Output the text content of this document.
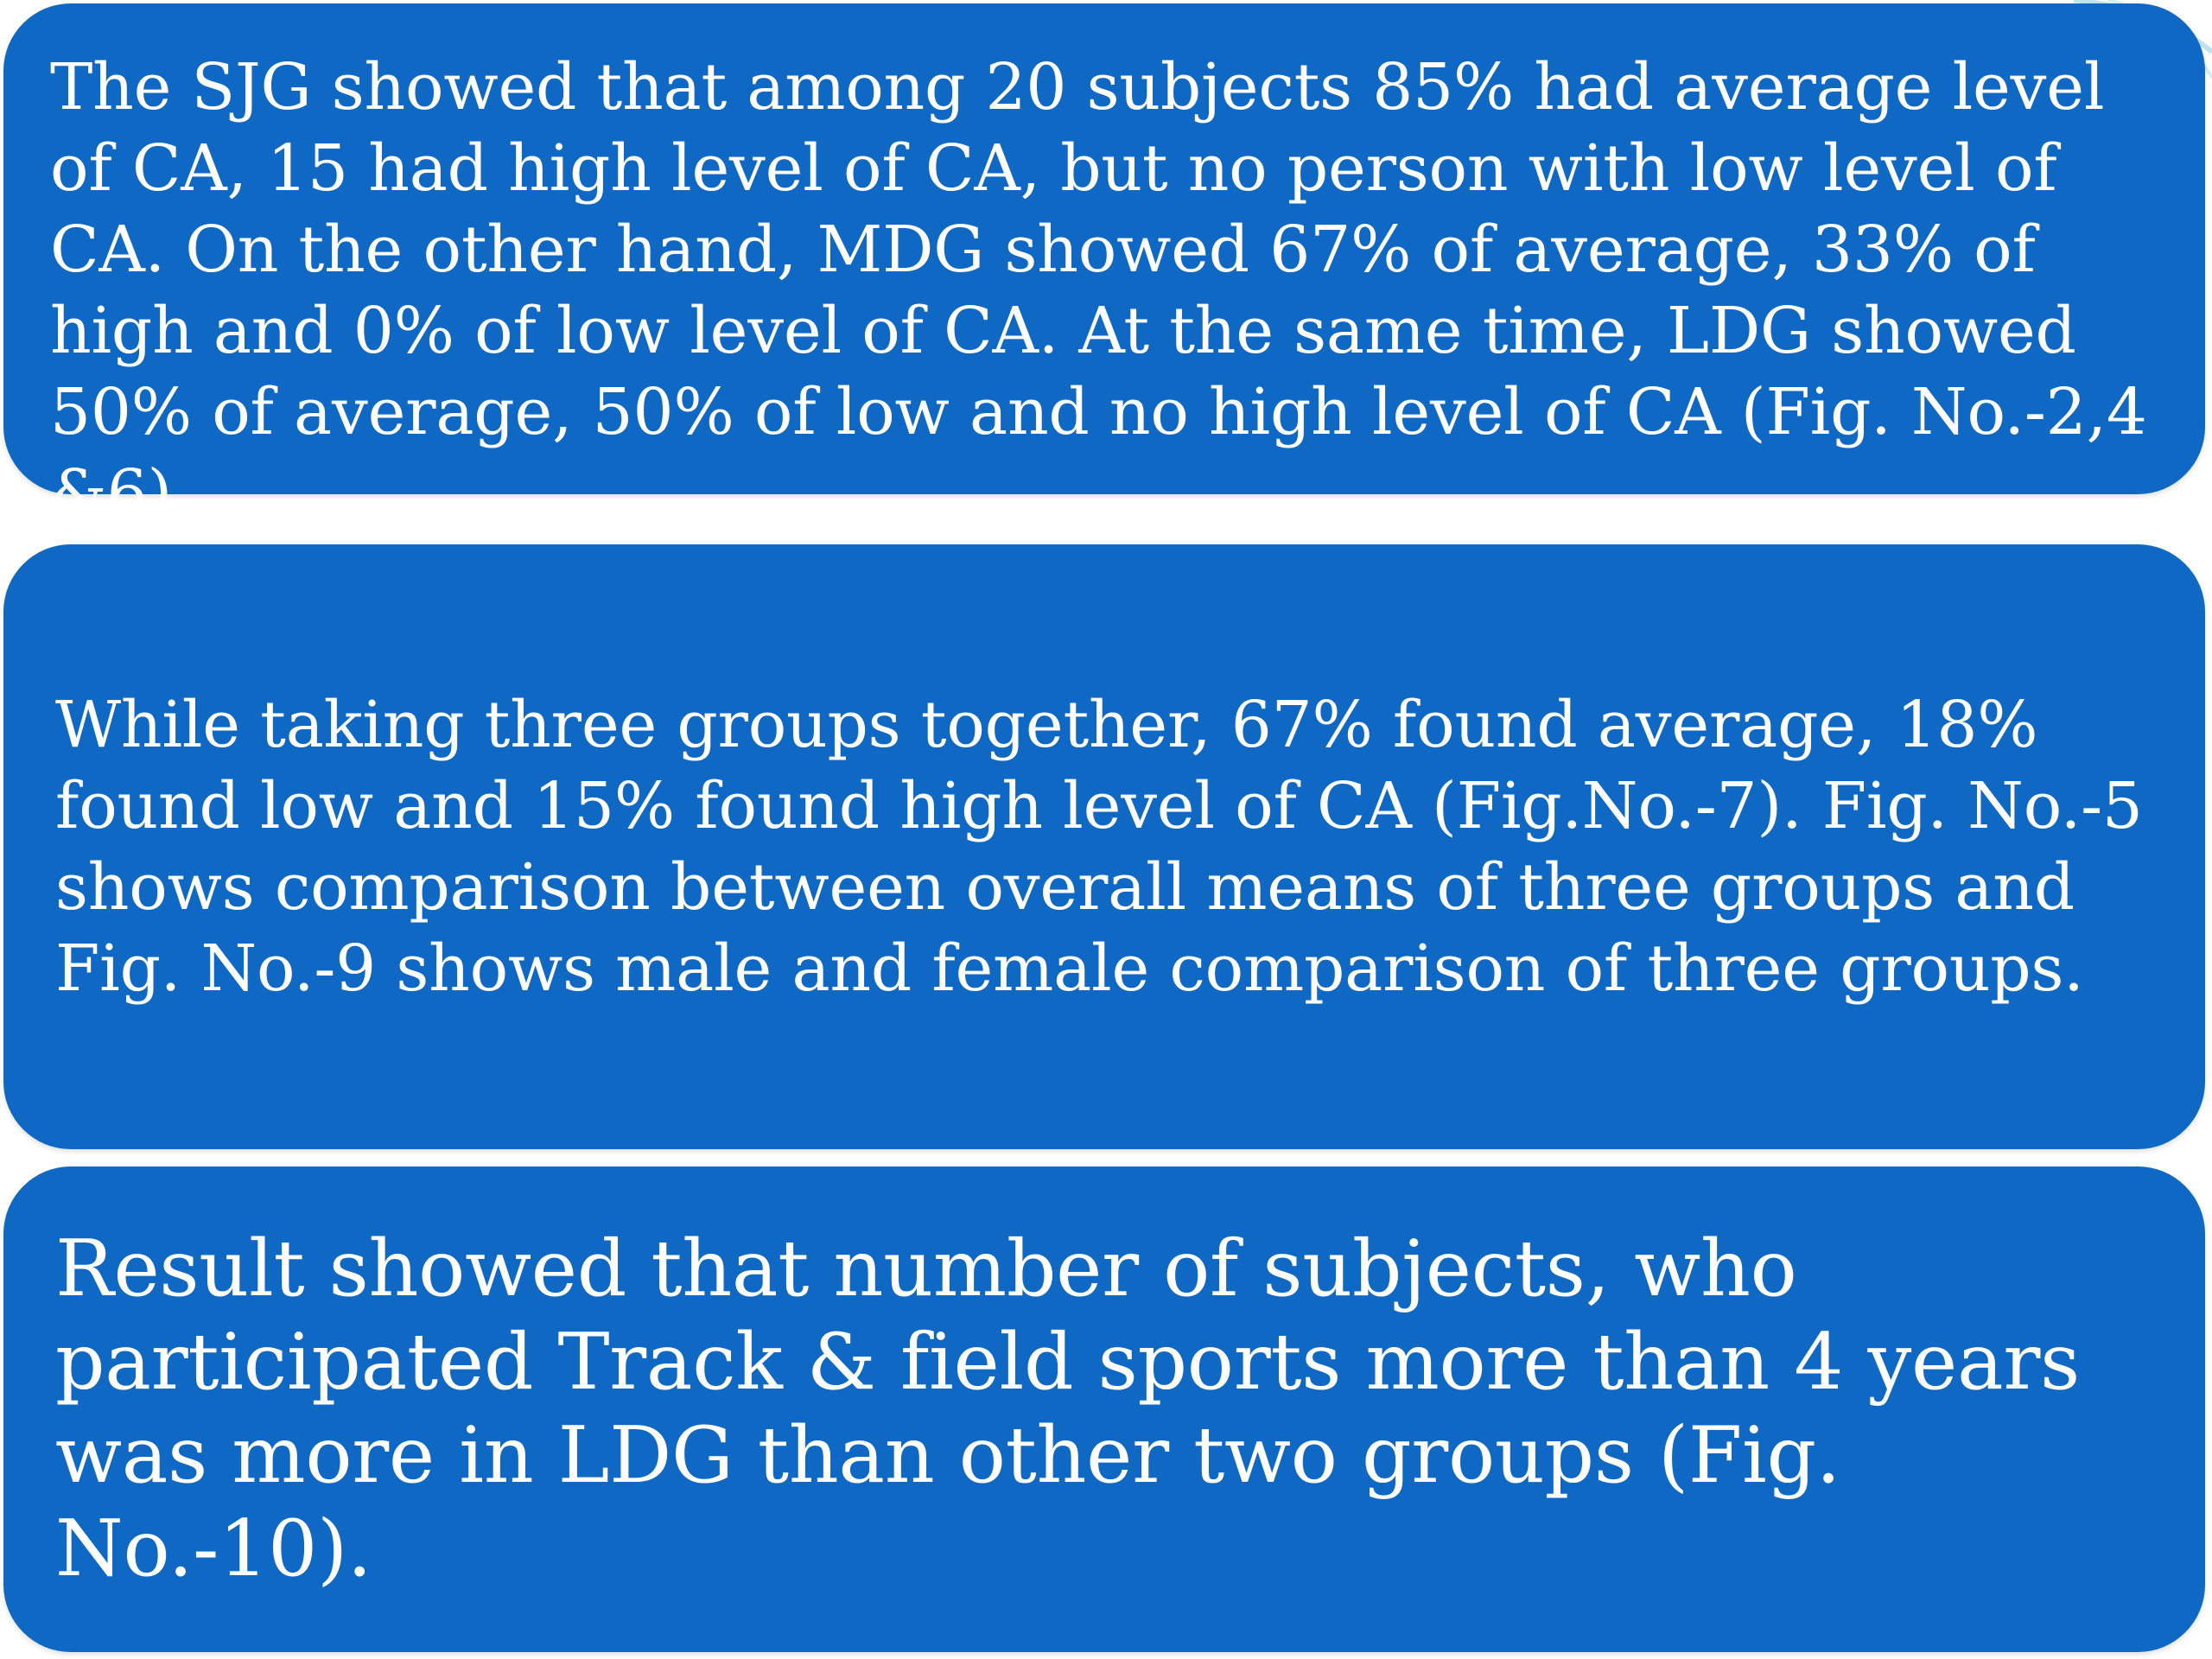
The SJG showed that among 20 subjects 85% had average level of CA, 15 had high level of CA, but no person with low level of CA. On the other hand, MDG showed 67% of average, 33% of high and 0% of low level of CA. At the same time, LDG showed 50% of average, 50% of low and no high level of CA (Fig. No.-2,4 &6).

While taking three groups together, 67% found average, 18% found low and 15% found high level of CA (Fig.No.-7). Fig. No.-5 shows comparison between overall means of three groups and Fig. No.-9 shows male and female comparison of three groups.

Result showed that number of subjects, who participated Track & field sports more than 4 years was more in LDG than other two groups (Fig. No.-10).
